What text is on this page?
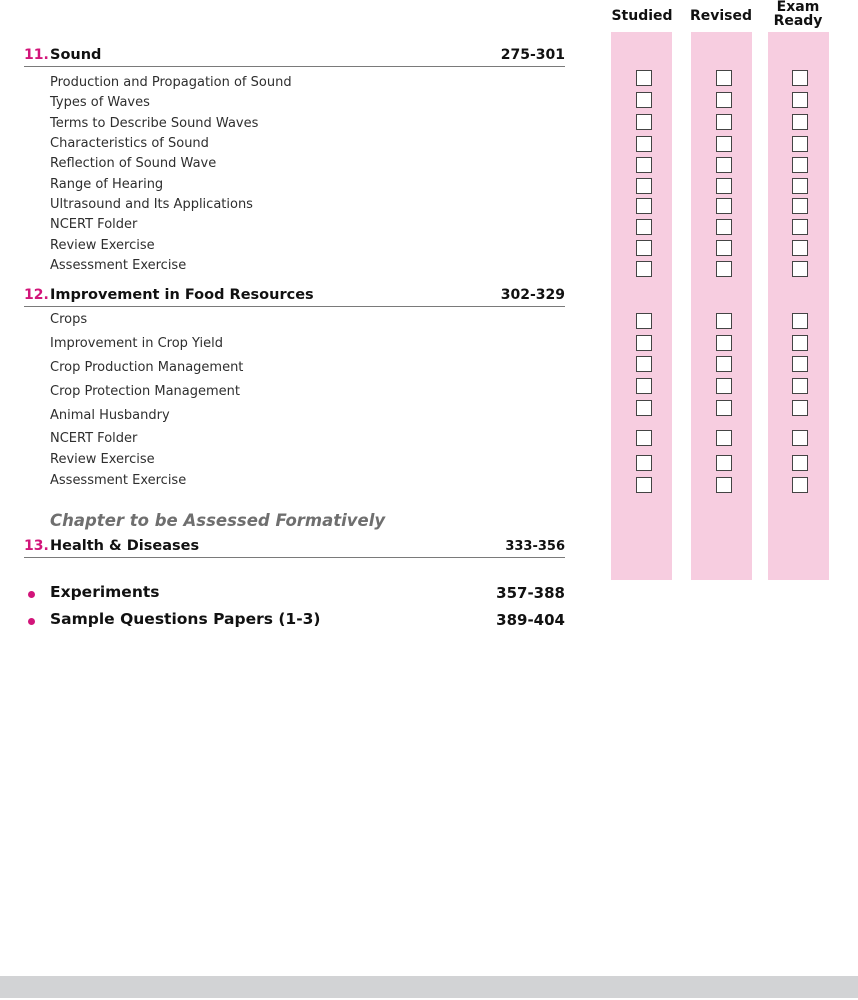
Studied	Revised
Exam
Ready
11. Sound	275-301
Production and Propagation of Sound
Types of Waves
Terms to Describe Sound Waves
Characteristics of Sound
Reflection of Sound Wave
Range of Hearing
Ultrasound and Its Applications
NCERT Folder
Review Exercise
Assessment Exercise
12. Improvement in Food Resources	302-329
Crops
Improvement in Crop Yield
Crop Production Management
Crop Protection Management
Animal Husbandry
NCERT Folder
Review Exercise
Assessment Exercise
Chapter to be Assessed Formatively
13. Health & Diseases	333-356
Experiments	357-388
Sample Questions Papers (1-3)	389-404
